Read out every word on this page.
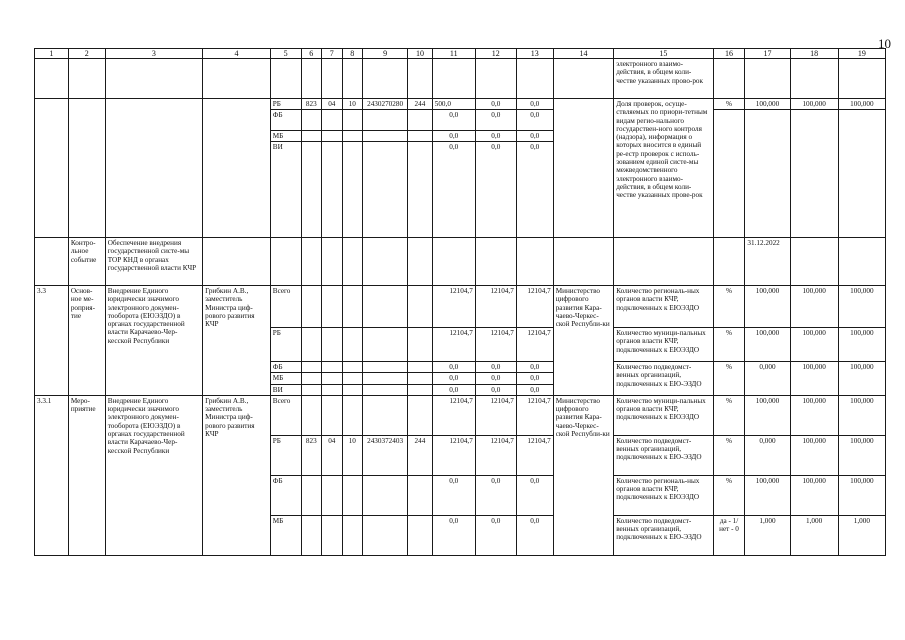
10
1	2	3	4	5	6	7	8	9	10	11	12	13	14	15	16	17	18	19
														электронного взаимо-действия, в общем коли-честве указанных прово-рок				
				РБ	823	04	10	2430270280	244	500,0	0,0	0,0		Доля проверок, осуще-ствляемых по приори-тетным видам регио-нального государствен-ного контроля (надзора), информация о которых вносится в единый ре-естр проверок с исполь-зованием единой систе-мы межведомственного электронного взаимо-действия, в общем коли-честве указанных прове-рок	%	100,000	100,000	100,000
				ФБ						0,0	0,0	0,0						
				МБ						0,0	0,0	0,0						
				ВИ						0,0	0,0	0,0						
	Контро-льное событие	Обеспечение внедрения государственной систе-мы ТОР КНД в органах государственной власти КЧР														31.12.2022		
3.3	Основ-ное ме-роприя-тие	Внедрение Единого юридически значимого электронного докумен-тооборота (ЕЮЭЗДО) в органах государственной власти Карачаево-Чер-кесской Республики	Грибкин А.В., заместитель Министра циф-рового развития КЧР	Всего						12104,7	12104,7	12104,7	Министерство цифрового развития Кара-чаево-Черкес-ской Республи-ки	Количество региональ-ных органов власти КЧР, подключенных к ЕЮЭЗДО	%	100,000	100,000	100,000
				РБ						12104,7	12104,7	12104,7		Количество муници-пальных органов власти КЧР, подключенных к ЕЮЭЗДО	%	100,000	100,000	100,000
				ФБ						0,0	0,0	0,0		Количество подведомст-венных организаций, подключенных к ЕЮ-ЭЗДО	%	0,000	100,000	100,000
				МБ						0,0	0,0	0,0						
				ВИ						0,0	0,0	0,0						
3.3.1	Меро-приятие	Внедрение Единого юридически значимого электронного докумен-тооборота (ЕЮЭЗДО) в органах государственной власти Карачаево-Чер-кесской Республики	Грибкин А.В., заместитель Министра циф-рового развития КЧР	Всего						12104,7	12104,7	12104,7	Министерство цифрового развития Кара-чаево-Черкес-ской Республи-ки	Количество муници-пальных органов власти КЧР, подключенных к ЕЮЭЗДО	%	100,000	100,000	100,000
				РБ	823	04	10	2430372403	244	12104,7	12104,7	12104,7		Количество подведомст-венных организаций, подключенных к ЕЮ-ЭЗДО	%	0,000	100,000	100,000
				ФБ						0,0	0,0	0,0		Количество региональ-ных органов власти КЧР, подключенных к ЕЮЭЗДО	%	100,000	100,000	100,000
				МБ						0,0	0,0	0,0		Количество подведомст-венных организаций, подключенных к ЕЮ-ЭЗДО	да - 1/ нет - 0	1,000	1,000	1,000
